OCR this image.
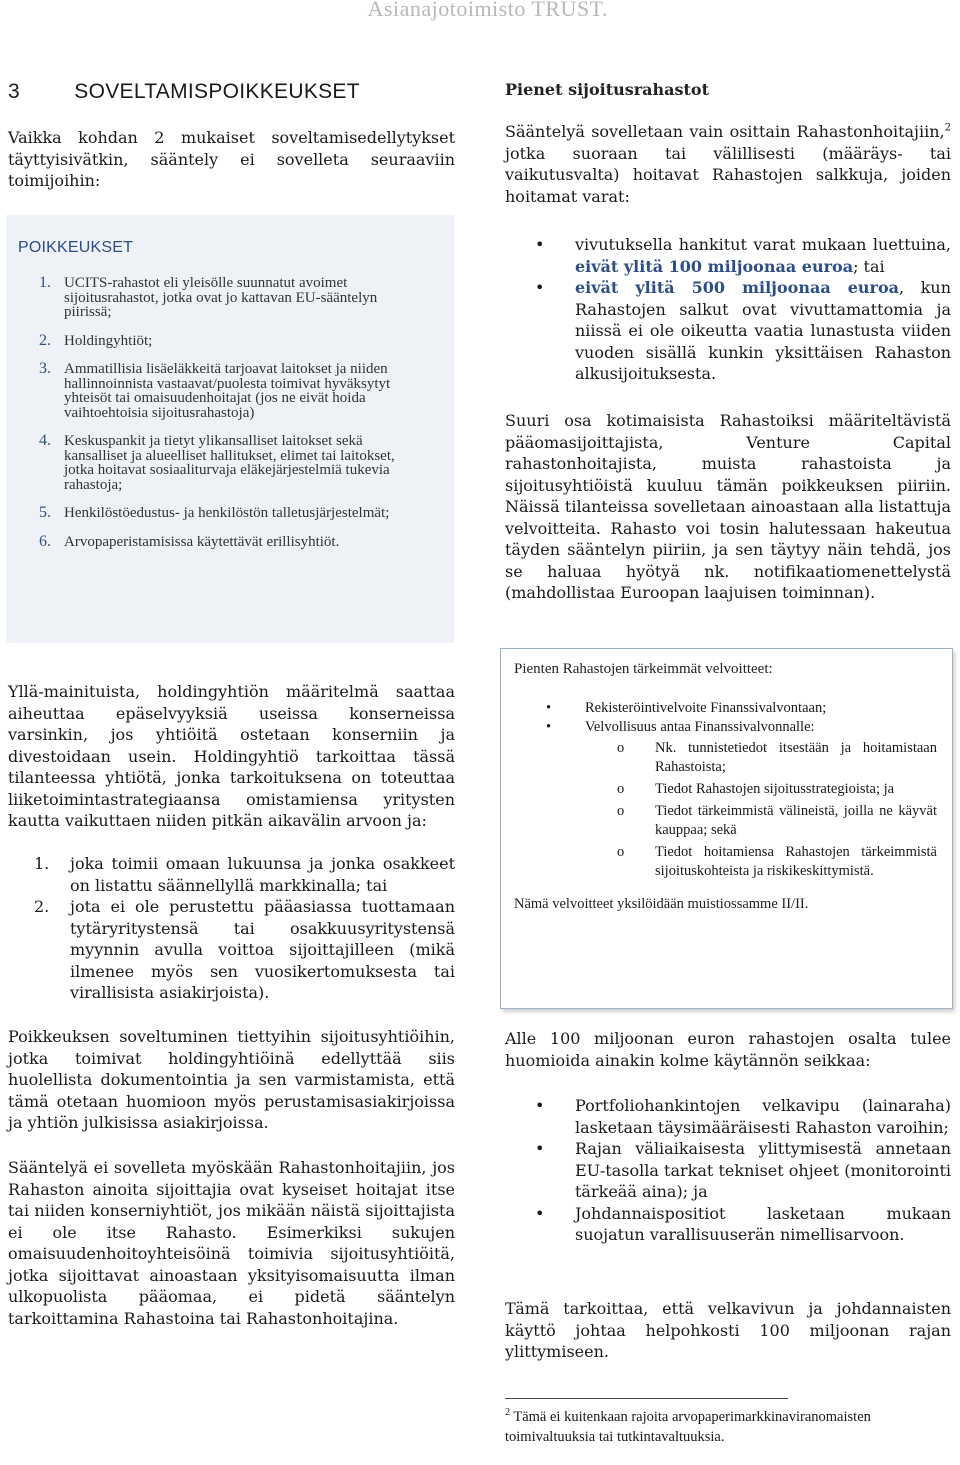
Asianajotoimisto TRUST.
3	SOVELTAMISPOIKKEUKSET

Vaikka kohdan 2 mukaiset soveltamisedellytykset täyttyisivätkin, sääntely ei sovelleta seuraaviin toimijoihin:

POIKKEUKSET
1. UCITS-rahastot eli yleisölle suunnatut avoimet sijoitusrahastot, jotka ovat jo kattavan EU-sääntelyn piirissä;
2. Holdingyhtiöt;
3. Ammatillisia lisäeläkkeitä tarjoavat laitokset ja niiden hallinnoinnista vastaavat/puolesta toimivat hyväksytyt yhteisöt tai omaisuudenhoitajat (jos ne eivät hoida vaihtoehtoisia sijoitusrahastoja)
4. Keskuspankit ja tietyt ylikansalliset laitokset sekä kansalliset ja alueelliset hallitukset, elimet tai laitokset, jotka hoitavat sosiaaliturvaja eläkejärjestelmiä tukevia rahastoja;
5. Henkilöstöedustus- ja henkilöstön talletusjärjestelmät;
6. Arvopaperistamisissa käytettävät erillisyhtiöt.

Yllä-mainituista, holdingyhtiön määritelmä saattaa aiheuttaa epäselvyyksiä useissa konserneissa varsinkin, jos yhtiöitä ostetaan konserniin ja divestoidaan usein. Holdingyhtiö tarkoittaa tässä tilanteessa yhtiötä, jonka tarkoituksena on toteuttaa liiketoimintastrategiaansa omistamiensa yritysten kautta vaikuttaen niiden pitkän aikavälin arvoon ja:

1.	joka toimii omaan lukuunsa ja jonka osakkeet on listattu säännellyllä markkinalla; tai
2.	jota ei ole perustettu pääasiassa tuottamaan tytäryritystensä tai osakkuusyritystensä myynnin avulla voittoa sijoittajilleen (mikä ilmenee myös sen vuosikertomuksesta tai virallisista asiakirjoista).

Poikkeuksen soveltuminen tiettyihin sijoitusyhtiöihin, jotka toimivat holdingyhtiöinä edellyttää siis huolellista dokumentointia ja sen varmistamista, että tämä otetaan huomioon myös perustamisasiakirjoissa ja yhtiön julkisissa asiakirjoissa.

Sääntelyä ei sovelleta myöskään Rahastonhoitajiin, jos Rahaston ainoita sijoittajia ovat kyseiset hoitajat itse tai niiden konserniyhtiöt, jos mikään näistä sijoittajista ei ole itse Rahasto. Esimerkiksi sukujen omaisuudenhoitoyhteisöinä toimivia sijoitusyhtiöitä, jotka sijoittavat ainoastaan yksityisomaisuutta ilman ulkopuolista pääomaa, ei pidetä sääntelyn tarkoittamina Rahastoina tai Rahastonhoitajina.

Pienet sijoitusrahastot

Sääntelyä sovelletaan vain osittain Rahastonhoitajiin,$^2$ jotka suoraan tai välillisesti (määräys- tai vaikutusvalta) hoitavat Rahastojen salkkuja, joiden hoitamat varat:

•	vivutuksella hankitut varat mukaan luettuina, eivät ylitä 100 miljoonaa euroa; tai
•	eivät ylitä 500 miljoonaa euroa, kun Rahastojen salkut ovat vivuttamattomia ja niissä ei ole oikeutta vaatia lunastusta viiden vuoden sisällä kunkin yksittäisen Rahaston alkusijoituksesta.

Suuri osa kotimaisista Rahastoiksi määriteltävistä pääomasijoittajista, Venture Capital rahastonhoitajista, muista rahastoista ja sijoitusyhtiöistä kuuluu tämän poikkeuksen piiriin. Näissä tilanteissa sovelletaan ainoastaan alla listattuja velvoitteita. Rahasto voi tosin halutessaan hakeutua täyden sääntelyn piiriin, ja sen täytyy näin tehdä, jos se haluaa hyötyä nk. notifikaatiomenettelystä (mahdollistaa Euroopan laajuisen toiminnan).

Pienten Rahastojen tärkeimmät velvoitteet:
•	Rekisteröintivelvoite Finanssivalvontaan;
•	Velvollisuus antaa Finanssivalvonnalle:
o	Nk. tunnistetiedot itsestään ja hoitamistaan Rahastoista;
o	Tiedot Rahastojen sijoitusstrategioista; ja
o	Tiedot tärkeimmistä välineistä, joilla ne käyvät kauppaa; sekä
o	Tiedot hoitamiensa Rahastojen tärkeimmistä sijoituskohteista ja riskikeskittymistä.

Nämä velvoitteet yksilöidään muistiossamme II/II.

Alle 100 miljoonan euron rahastojen osalta tulee huomioida ainakin kolme käytännön seikkaa:

•	Portfoliohankintojen velkavipu (lainaraha) lasketaan täysimääräisesti Rahaston varoihin;
•	Rajan väliaikaisesta ylittymisestä annetaan EU-tasolla tarkat tekniset ohjeet (monitorointi tärkeää aina); ja
•	Johdannaispositiot lasketaan mukaan suojatun varallisuuserän nimellisarvoon.

Tämä tarkoittaa, että velkavivun ja johdannaisten käyttö johtaa helpohkosti 100 miljoonan rajan ylittymiseen.

$^2$ Tämä ei kuitenkaan rajoita arvopaperimarkkinaviranomaisten toimivaltuuksia tai tutkintavaltuuksia.
